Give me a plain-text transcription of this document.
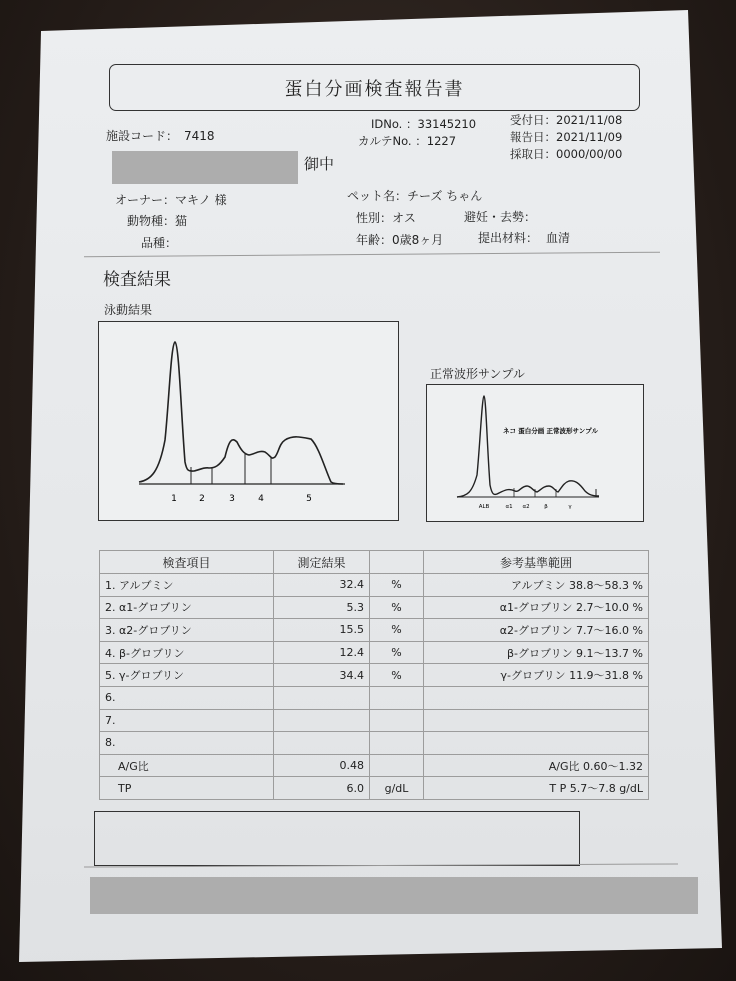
蛋白分画検査報告書
施設コード： 7418
IDNo. ：33145210
カルテNo. ：1227
受付日：2021/11/08
報告日：2021/11/09
採取日：0000/00/00
御中
オーナー：マキノ 様
動物種：猫
品種：
ペット名：チーズ ちゃん
性別：オス	避妊・去勢：
年齢：0歳8ヶ月	提出材料： 血清
検査結果
泳動結果
正常波形サンプル
1 2	3	4	5
ネコ 蛋白分画 正常波形サンプル
ALB	α1 α2	β	γ
検査項目	測定結果		参考基準範囲
1. アルブミン	32.4	%	アルブミン 38.8～58.3 %
2. α1-グロブリン	5.3	%	α1-グロブリン 2.7～10.0 %
3. α2-グロブリン	15.5	%	α2-グロブリン 7.7～16.0 %
4. β-グロブリン	12.4	%	β-グロブリン 9.1～13.7 %
5. γ-グロブリン	34.4	%	γ-グロブリン 11.9～31.8 %
6.			
7.			
8.			
A/G比	0.48		A/G比 0.60～1.32
TP	6.0	g/dL	T P 5.7～7.8 g/dL
